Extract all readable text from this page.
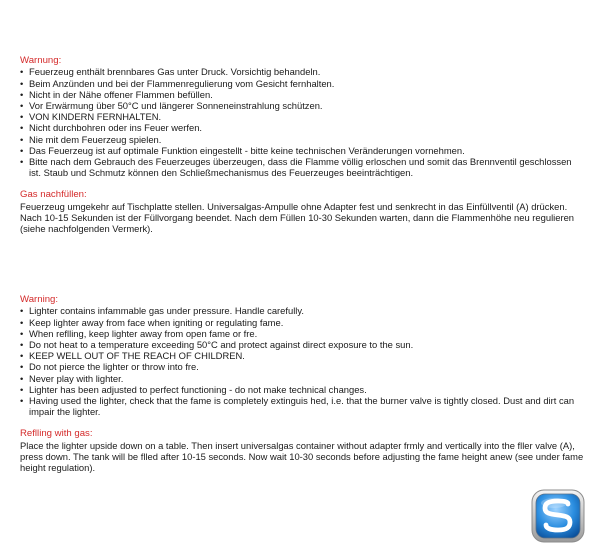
Warnung:

• Feuerzeug enthält brennbares Gas unter Druck. Vorsichtig behandeln.
• Beim Anzünden und bei der Flammenregulierung vom Gesicht fernhalten.
• Nicht in der Nähe offener Flammen befüllen.
• Vor Erwärmung über 50°C und längerer Sonneneinstrahlung schützen.
• VON KINDERN FERNHALTEN.
• Nicht durchbohren oder ins Feuer werfen.
• Nie mit dem Feuerzeug spielen.
• Das Feuerzeug ist auf optimale Funktion eingestellt - bitte keine technischen Veränderungen vornehmen.
• Bitte nach dem Gebrauch des Feuerzeuges überzeugen, dass die Flamme völlig erloschen und somit das Brennventil geschlossen ist. Staub und Schmutz können den Schließmechanismus des Feuerzeuges beeinträchtigen.

Gas nachfüllen:

Feuerzeug umgekehr auf Tischplatte stellen. Universalgas-Ampulle ohne Adapter fest und senkrecht in das Einfüllventil (A) drücken. Nach 10-15 Sekunden ist der Füllvorgang beendet. Nach dem Füllen 10-30 Sekunden warten, dann die Flammenhöhe neu regulieren (siehe nachfolgenden Vermerk).

Warning:

• Lighter contains infammable gas under pressure. Handle carefully.
• Keep lighter away from face when igniting or regulating fame.
• When reflling, keep lighter away from open fame or fre.
• Do not heat to a temperature exceeding 50°C and protect against direct exposure to the sun.
• KEEP WELL OUT OF THE REACH OF CHILDREN.
• Do not pierce the lighter or throw into fre.
• Never play with lighter.
• Lighter has been adjusted to perfect functioning - do not make technical changes.
• Having used the lighter, check that the fame is completely extinguis hed, i.e. that the burner valve is tightly closed. Dust and dirt can impair the lighter.

Reflling with gas:

Place the lighter upside down on a table. Then insert universalgas container without adapter frmly and vertically into the fller valve (A), press down. The tank will be flled after 10-15 seconds. Now wait 10-30 seconds before adjusting the fame height anew (see under fame height regulation).
